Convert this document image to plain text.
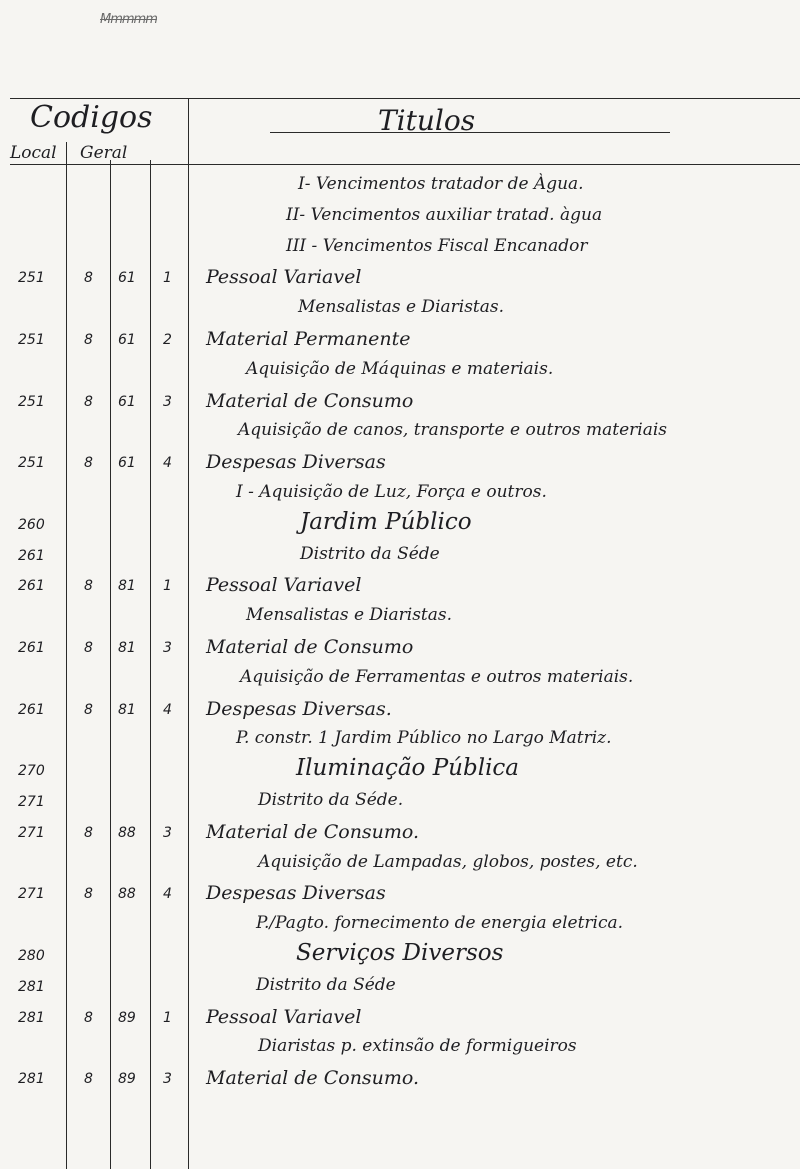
Mmmmm
Codigos
Local Geral
Titulos
I- Vencimentos tratador de Àgua.
II- Vencimentos auxiliar tratad. àgua
III - Vencimentos Fiscal Encanador
251	8 61 1 Pessoal Variavel
Mensalistas e Diaristas.
251	8 61 2 Material Permanente
Aquisição de Máquinas e materiais.
251	8 61 3 Material de Consumo
Aquisição de canos, transporte e outros materiais
251	8 61 4 Despesas Diversas
I - Aquisição de Luz, Força e outros.
260	Jardim Público
261	Distrito da Séde
261	8 81 1 Pessoal Variavel
Mensalistas e Diaristas.
261	8 81 3 Material de Consumo
Aquisição de Ferramentas e outros materiais.
261	8 81 4 Despesas Diversas.
P. constr. 1 Jardim Público no Largo Matriz.
270	Iluminação Pública
271	Distrito da Séde.
271	8 88 3 Material de Consumo.
Aquisição de Lampadas, globos, postes, etc.
271	8 88 4 Despesas Diversas
P./Pagto. fornecimento de energia eletrica.
280	Serviços Diversos
281	Distrito da Séde
281	8 89 1 Pessoal Variavel
Diaristas p. extinsão de formigueiros
281	8 89 3 Material de Consumo.
